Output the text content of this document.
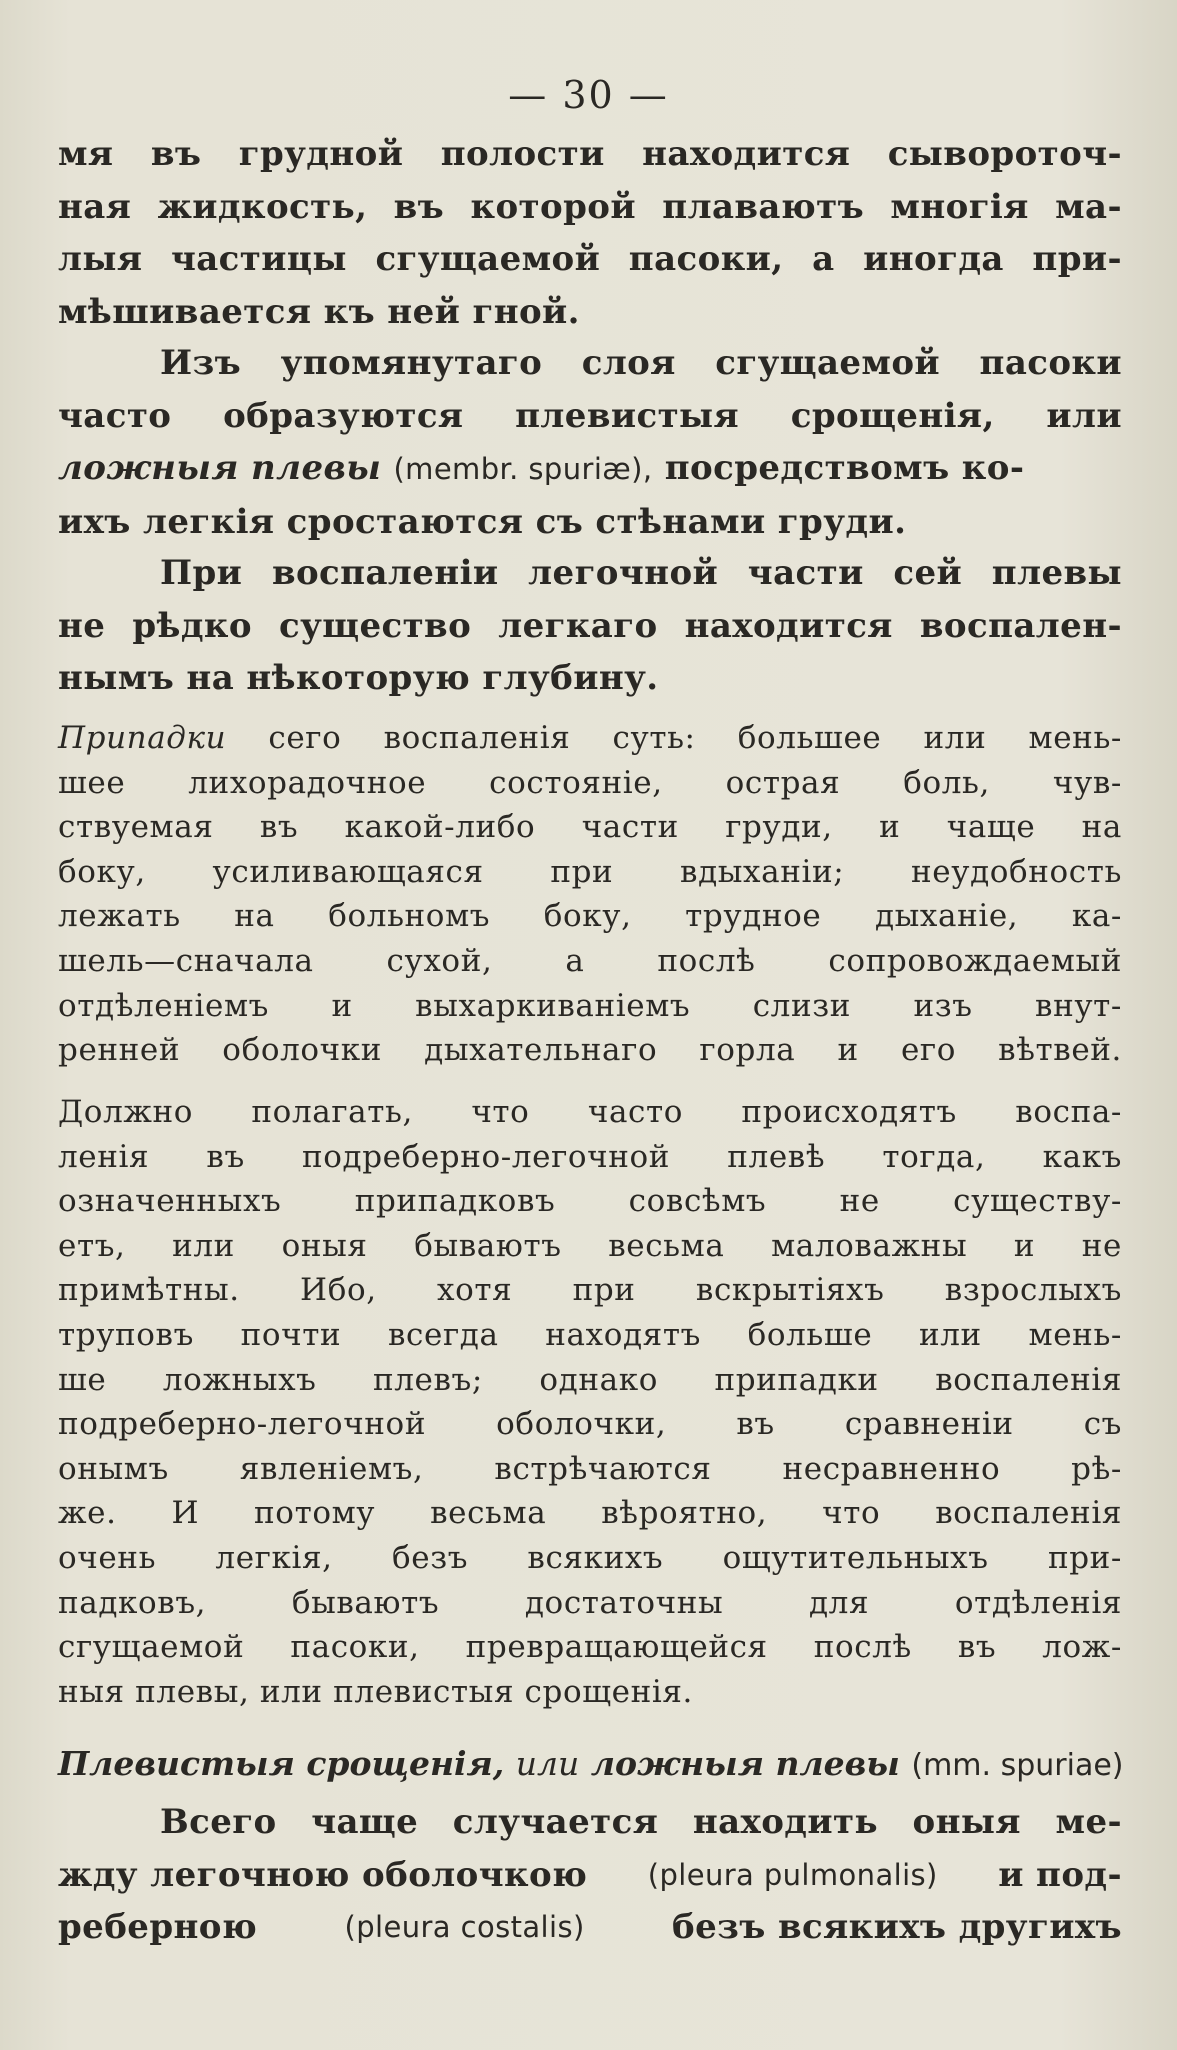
— 30 —
мя въ грудной полости находится сывороточ-
ная жидкость, въ которой плаваютъ многія ма-
лыя частицы сгущаемой пасоки, а иногда при-
мѣшивается къ ней гной.
Изъ упомянутаго слоя сгущаемой пасоки
часто образуются плевистыя срощенія, или
ложныя плевы (membr. spuriæ), посредствомъ ко-
ихъ легкія сростаются съ стѣнами груди.
При воспаленіи легочной части сей плевы
не рѣдко существо легкаго находится воспален-
нымъ на нѣкоторую глубину.
Припадки сего воспаленія суть: большее или мень-
шее лихорадочное состояніе, острая боль, чув-
ствуемая въ какой-либо части груди, и чаще на
боку, усиливающаяся при вдыханіи; неудобность
лежать на больномъ боку, трудное дыханіе, ка-
шель—сначала сухой, а послѣ сопровождаемый
отдѣленіемъ и выхаркиваніемъ слизи изъ внут-
ренней оболочки дыхательнаго горла и его вѣтвей.
Должно полагать, что часто происходятъ воспа-
ленія въ подреберно-легочной плевѣ тогда, какъ
означенныхъ припадковъ совсѣмъ не существу-
етъ, или оныя бываютъ весьма маловажны и не
примѣтны. Ибо, хотя при вскрытіяхъ взрослыхъ
труповъ почти всегда находятъ больше или мень-
ше ложныхъ плевъ; однако припадки воспаленія
подреберно-легочной оболочки, въ сравненіи съ
онымъ явленіемъ, встрѣчаются несравненно рѣ-
же. И потому весьма вѣроятно, что воспаленія
очень легкія, безъ всякихъ ощутительныхъ при-
падковъ, бываютъ достаточны для отдѣленія
сгущаемой пасоки, превращающейся послѣ въ лож-
ныя плевы, или плевистыя срощенія.
Плевистыя срощенія, или ложныя плевы (mm. spuriae)
Всего чаще случается находить оныя ме-
жду легочною оболочкою (pleura pulmonalis) и под-
реберною	(pleura costalis)	безъ всякихъ другихъ
